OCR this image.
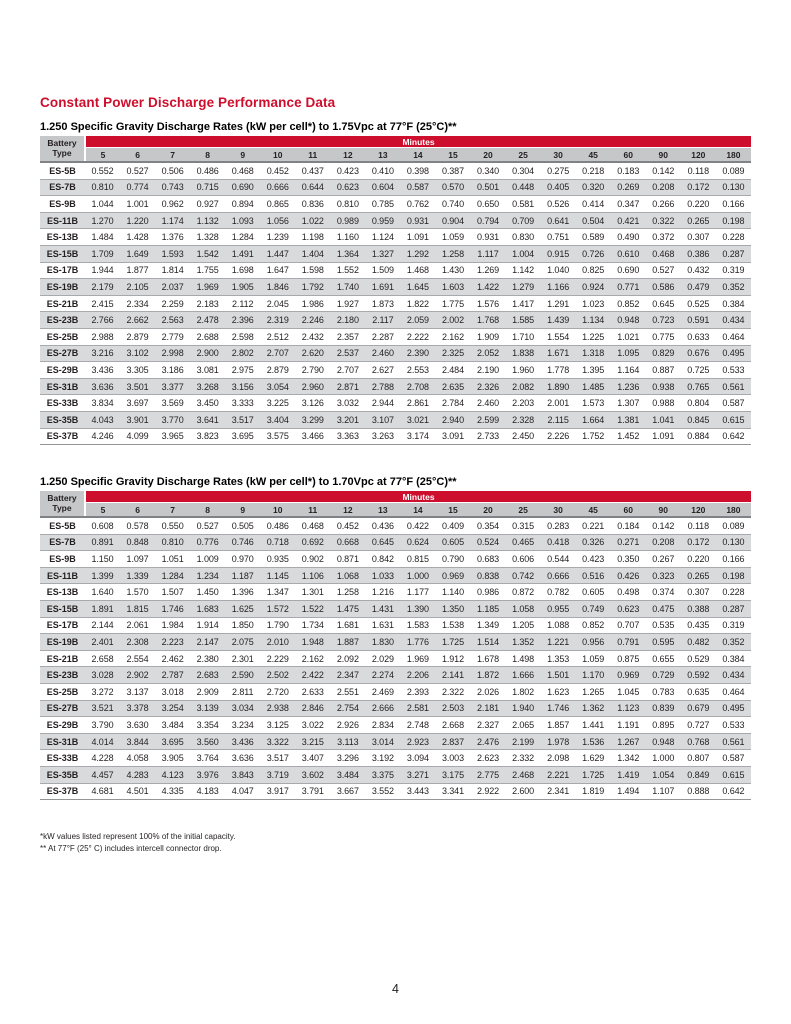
Constant Power Discharge Performance Data
1.250 Specific Gravity Discharge Rates (kW per cell*) to 1.75Vpc at 77°F (25°C)**
Battery
Type	Minutes																		
	5	6	7	8	9	10	11	12	13	14	15	20	25	30	45	60	90	120	180
ES-5B	0.552	0.527	0.506	0.486	0.468	0.452	0.437	0.423	0.410	0.398	0.387	0.340	0.304	0.275	0.218	0.183	0.142	0.118	0.089
ES-7B	0.810	0.774	0.743	0.715	0.690	0.666	0.644	0.623	0.604	0.587	0.570	0.501	0.448	0.405	0.320	0.269	0.208	0.172	0.130
ES-9B	1.044	1.001	0.962	0.927	0.894	0.865	0.836	0.810	0.785	0.762	0.740	0.650	0.581	0.526	0.414	0.347	0.266	0.220	0.166
ES-11B	1.270	1.220	1.174	1.132	1.093	1.056	1.022	0.989	0.959	0.931	0.904	0.794	0.709	0.641	0.504	0.421	0.322	0.265	0.198
ES-13B	1.484	1.428	1.376	1.328	1.284	1.239	1.198	1.160	1.124	1.091	1.059	0.931	0.830	0.751	0.589	0.490	0.372	0.307	0.228
ES-15B	1.709	1.649	1.593	1.542	1.491	1.447	1.404	1.364	1.327	1.292	1.258	1.117	1.004	0.915	0.726	0.610	0.468	0.386	0.287
ES-17B	1.944	1.877	1.814	1.755	1.698	1.647	1.598	1.552	1.509	1.468	1.430	1.269	1.142	1.040	0.825	0.690	0.527	0.432	0.319
ES-19B	2.179	2.105	2.037	1.969	1.905	1.846	1.792	1.740	1.691	1.645	1.603	1.422	1.279	1.166	0.924	0.771	0.586	0.479	0.352
ES-21B	2.415	2.334	2.259	2.183	2.112	2.045	1.986	1.927	1.873	1.822	1.775	1.576	1.417	1.291	1.023	0.852	0.645	0.525	0.384
ES-23B	2.766	2.662	2.563	2.478	2.396	2.319	2.246	2.180	2.117	2.059	2.002	1.768	1.585	1.439	1.134	0.948	0.723	0.591	0.434
ES-25B	2.988	2.879	2.779	2.688	2.598	2.512	2.432	2.357	2.287	2.222	2.162	1.909	1.710	1.554	1.225	1.021	0.775	0.633	0.464
ES-27B	3.216	3.102	2.998	2.900	2.802	2.707	2.620	2.537	2.460	2.390	2.325	2.052	1.838	1.671	1.318	1.095	0.829	0.676	0.495
ES-29B	3.436	3.305	3.186	3.081	2.975	2.879	2.790	2.707	2.627	2.553	2.484	2.190	1.960	1.778	1.395	1.164	0.887	0.725	0.533
ES-31B	3.636	3.501	3.377	3.268	3.156	3.054	2.960	2.871	2.788	2.708	2.635	2.326	2.082	1.890	1.485	1.236	0.938	0.765	0.561
ES-33B	3.834	3.697	3.569	3.450	3.333	3.225	3.126	3.032	2.944	2.861	2.784	2.460	2.203	2.001	1.573	1.307	0.988	0.804	0.587
ES-35B	4.043	3.901	3.770	3.641	3.517	3.404	3.299	3.201	3.107	3.021	2.940	2.599	2.328	2.115	1.664	1.381	1.041	0.845	0.615
ES-37B	4.246	4.099	3.965	3.823	3.695	3.575	3.466	3.363	3.263	3.174	3.091	2.733	2.450	2.226	1.752	1.452	1.091	0.884	0.642
1.250 Specific Gravity Discharge Rates (kW per cell*) to 1.70Vpc at 77°F (25°C)**
Battery
Type	Minutes																		
	5	6	7	8	9	10	11	12	13	14	15	20	25	30	45	60	90	120	180
ES-5B	0.608	0.578	0.550	0.527	0.505	0.486	0.468	0.452	0.436	0.422	0.409	0.354	0.315	0.283	0.221	0.184	0.142	0.118	0.089
ES-7B	0.891	0.848	0.810	0.776	0.746	0.718	0.692	0.668	0.645	0.624	0.605	0.524	0.465	0.418	0.326	0.271	0.208	0.172	0.130
ES-9B	1.150	1.097	1.051	1.009	0.970	0.935	0.902	0.871	0.842	0.815	0.790	0.683	0.606	0.544	0.423	0.350	0.267	0.220	0.166
ES-11B	1.399	1.339	1.284	1.234	1.187	1.145	1.106	1.068	1.033	1.000	0.969	0.838	0.742	0.666	0.516	0.426	0.323	0.265	0.198
ES-13B	1.640	1.570	1.507	1.450	1.396	1.347	1.301	1.258	1.216	1.177	1.140	0.986	0.872	0.782	0.605	0.498	0.374	0.307	0.228
ES-15B	1.891	1.815	1.746	1.683	1.625	1.572	1.522	1.475	1.431	1.390	1.350	1.185	1.058	0.955	0.749	0.623	0.475	0.388	0.287
ES-17B	2.144	2.061	1.984	1.914	1.850	1.790	1.734	1.681	1.631	1.583	1.538	1.349	1.205	1.088	0.852	0.707	0.535	0.435	0.319
ES-19B	2.401	2.308	2.223	2.147	2.075	2.010	1.948	1.887	1.830	1.776	1.725	1.514	1.352	1.221	0.956	0.791	0.595	0.482	0.352
ES-21B	2.658	2.554	2.462	2.380	2.301	2.229	2.162	2.092	2.029	1.969	1.912	1.678	1.498	1.353	1.059	0.875	0.655	0.529	0.384
ES-23B	3.028	2.902	2.787	2.683	2.590	2.502	2.422	2.347	2.274	2.206	2.141	1.872	1.666	1.501	1.170	0.969	0.729	0.592	0.434
ES-25B	3.272	3.137	3.018	2.909	2.811	2.720	2.633	2.551	2.469	2.393	2.322	2.026	1.802	1.623	1.265	1.045	0.783	0.635	0.464
ES-27B	3.521	3.378	3.254	3.139	3.034	2.938	2.846	2.754	2.666	2.581	2.503	2.181	1.940	1.746	1.362	1.123	0.839	0.679	0.495
ES-29B	3.790	3.630	3.484	3.354	3.234	3.125	3.022	2.926	2.834	2.748	2.668	2.327	2.065	1.857	1.441	1.191	0.895	0.727	0.533
ES-31B	4.014	3.844	3.695	3.560	3.436	3.322	3.215	3.113	3.014	2.923	2.837	2.476	2.199	1.978	1.536	1.267	0.948	0.768	0.561
ES-33B	4.228	4.058	3.905	3.764	3.636	3.517	3.407	3.296	3.192	3.094	3.003	2.623	2.332	2.098	1.629	1.342	1.000	0.807	0.587
ES-35B	4.457	4.283	4.123	3.976	3.843	3.719	3.602	3.484	3.375	3.271	3.175	2.775	2.468	2.221	1.725	1.419	1.054	0.849	0.615
ES-37B	4.681	4.501	4.335	4.183	4.047	3.917	3.791	3.667	3.552	3.443	3.341	2.922	2.600	2.341	1.819	1.494	1.107	0.888	0.642

*kW values listed represent 100% of the initial capacity.

** At 77°F (25° C) includes intercell connector drop.

4
